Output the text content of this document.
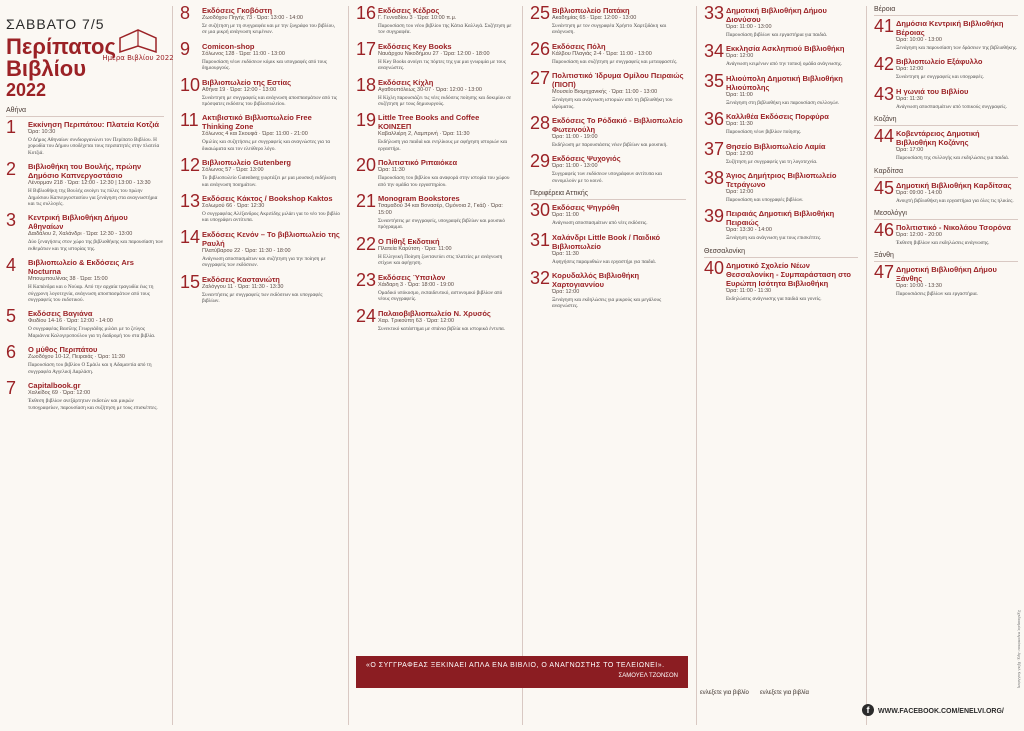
ΣΑΒΒΑΤΟ 7/5
Περίπατος Βιβλίου
2022
Ημέρα Βιβλίου 2022
Αθήνα
1 Εκκίνηση Περιπάτου: Πλατεία Κοτζιά
Ώρα: 10:30
Ο Δήμος Αθηναίων συνδιοργανώνει τον Περίπατο Βιβλίου. Η χορωδία του Δήμου υποδέχεται τους περιπατητές στην πλατεία Κοτζιά.
2 Βιβλιοθήκη του Βουλής, πρώην Δημόσιο Καπνεργοστάσιο
Λένορμαν 218 · Ώρα: 12:00 - 12:30 | 13:00 - 13:30
Η Βιβλιοθήκη της Βουλής ανοίγει τις πύλες του πρώην Δημόσιου Καπνεργοστασίου για ξενάγηση στα αναγνωστήρια και τις συλλογές.
3 Κεντρική Βιβλιοθήκη Δήμου Αθηναίων
Δαιδάλου 2, Χαλάνδρι · Ώρα: 12:30 - 13:00
Δύο ξεναγήσεις στον χώρο της βιβλιοθήκης και παρουσίαση των εκθεμάτων και της ιστορίας της.
4 Βιβλιοπωλείο & Εκδόσεις Ars Nocturna
Μπουμπουλίνας 38 · Ώρα: 15:00
Η Καπάνδρα και ο Νούαρ. Από την αρχαία τραγωδία έως τη σύγχρονη λογοτεχνία, ανάγνωση αποσπασμάτων από τους συγγραφείς του εκδοτικού.
5 Εκδόσεις Βαγιάνα
Φειδίου 14-16 · Ώρα: 12:00 - 14:00
Ο συγγραφέας Βασίλης Γεωργιάδης μιλάει με το ζεύγος Μαριάννα Καλογεροπούλου για τη διαδρομή του στα βιβλία.
6 Ο μύθος Περιπάτου
Ζωοδόχου 10-12, Πειραιάς · Ώρα: 11:30
Παρουσίαση του βιβλίου Ο Σμάιλι και η Αδαμαντία από τη συγγραφέα Αγγελική Δαρλάση.
7 Capitalbook.gr
Χαλκίδος 69 · Ώρα: 12:00
Έκθεση βιβλίων ανεξάρτητων εκδοτών και μικρών τυπογραφείων, παρουσίαση και συζήτηση με τους επισκέπτες.
8 Εκδόσεις Γκοβόστη
Ζωοδόχου Πηγής 73 · Ώρα: 13:00 - 14:00
Σε συζήτηση με τη συγγραφέα και με την ζωγράφο του βιβλίου, σε μια μικρή ανάγνωση κειμένων.
9 Comicon-shop
Σόλωνος 128 · Ώρα: 11:00 - 13:00
Παρουσίαση νέων εκδόσεων κόμικ και υπογραφές από τους δημιουργούς.
10 Βιβλιοπωλείο της Εστίας
Αθήνα 19 · Ώρα: 12:00 - 13:00
Συνάντηση με συγγραφείς και ανάγνωση αποσπασμάτων από τις πρόσφατες εκδόσεις του βιβλιοπωλείου.
11 Ακτιβιστικό Βιβλιοπωλείο Free Thinking Zone
Σόλωνος 4 και Σκουφά · Ώρα: 11:00 - 21:00
Ομιλίες και συζητήσεις με συγγραφείς και αναγνώστες για τα δικαιώματα και τον ελεύθερο λόγο.
12 Βιβλιοπωλείο Gutenberg
Σόλωνος 57 · Ώρα: 13:00
Το βιβλιοπωλείο Gutenberg γιορτάζει με μια μουσική εκδήλωση και ανάγνωση ποιημάτων.
13 Εκδόσεις Κάκτος / Bookshop Kaktos
Σολωμού 66 · Ώρα: 12:30
Ο συγγραφέας Αλέξανδρος Ακριτίδης μιλάει για το νέο του βιβλίο και υπογράφει αντίτυπα.
14 Εκδόσεις Κενόν – Το βιβλιοπωλείο της Ραυλή
Πλατύβαρου 22 · Ώρα: 11:30 - 18:00
Ανάγνωση αποσπασμάτων και συζήτηση για την ποίηση με συγγραφείς των εκδόσεων.
15 Εκδόσεις Καστανιώτη
Ζαλόγγου 11 · Ώρα: 11:30 - 13:30
Συναντήσεις με συγγραφείς των εκδόσεων και υπογραφές βιβλίων.
16 Εκδόσεις Κέδρος
Γ. Γενναδίου 3 · Ώρα: 10:00 π.μ.
Παρουσίαση του νέου βιβλίου της Κάτια Καλλιγά. Συζήτηση με τον συγγραφέα.
17 Εκδόσεις Key Books
Ναυάρχου Νικοδήμου 27 · Ώρα: 12:00 - 18:00
Η Key Books ανοίγει τις πόρτες της για μια γνωριμία με τους αναγνώστες.
18 Εκδόσεις Κίχλη
Αγαθουπόλεως 30-07 · Ώρα: 12:00 - 13:00
Η Κίχλη παρουσιάζει τις νέες εκδόσεις ποίησης και δοκιμίου σε συζήτηση με τους δημιουργούς.
19 Little Tree Books and Coffee ΚΟΙΝΣΕΠ
Καβαλλιέρη 2, Λαμπρινή · Ώρα: 11:30
Εκδήλωση για παιδιά και ενηλίκους με αφήγηση ιστοριών και εργαστήρι.
20 Πολιτιστικό Ριπαιόκεα
Ώρα: 11:30
Παρουσίαση του βιβλίου και αναφορά στην ιστορία του χώρου από την ομάδα του εργαστηρίου.
21 Monogram Bookstores
Τσαμαδού 34 και Βονασέρ, Ομόνοια 2, Γκάζι · Ώρα: 15:00
Συναντήσεις με συγγραφείς, υπογραφές βιβλίων και μουσικό πρόγραμμα.
22 Ο Πίθηξ Εκδοτική
Πλατεία Καρύτση · Ώρα: 11:00
Η Ελληνική Ποίηση ζωντανεύει στις πλατείες με ανάγνωση στίχων και αφήγηση.
23 Εκδόσεις Ύπσιλον
Χάιδαρη 3 · Ώρα: 18:00 - 19:00
Ομαδικό υπόκοσμο, εκπαιδευτικό, αστυνομικό βιβλίων από νέους συγγραφείς.
24 Παλαιοβιβλιοπωλείο Ν. Χρυσός
Χαρ. Τρικούπη 63 · Ώρα: 12:00
Συνεκτικό κατάστημα με σπάνια βιβλία και ιστορικά έντυπα.
25 Βιβλιοπωλείο Πατάκη
Ακαδημίας 65 · Ώρα: 12:00 - 13:00
Συνάντηση με τον συγγραφέα Χρήστο Χαρτζιδάκη και ανάγνωση.
26 Εκδόσεις Πόλη
Κάλβου Πλαγιάς 2-4 · Ώρα: 11:00 - 13:00
Παρουσίαση και συζήτηση με συγγραφείς και μεταφραστές.
27 Πολιτιστικό Ίδρυμα Ομίλου Πειραιώς (ΠΙΟΠ)
Μουσείο Βιομηχανικής · Ώρα: 11:00 - 13:00
Ξενάγηση και ανάγνωση ιστοριών από τη βιβλιοθήκη του ιδρύματος.
28 Εκδόσεις Το Ρόδακιό - Βιβλιοπωλείο Φωτεινούλη
Ώρα: 11:00 - 19:00
Εκδήλωση με παρουσιάσεις νέων βιβλίων και μουσική.
29 Εκδόσεις Ψυχογιός
Ώρα: 11:00 - 13:00
Συγγραφείς των εκδόσεων υπογράφουν αντίτυπα και συνομιλούν με το κοινό.
Περιφέρεια Αττικής
30 Εκδόσεις Ψηγρόθη
Ώρα: 11:00
Ανάγνωση αποσπασμάτων από νέες εκδόσεις.
31 Χαλάνδρι Little Book / Παιδικό Βιβλιοπωλείο
Ώρα: 11:30
Αφηγήσεις παραμυθιών και εργαστήρι για παιδιά.
32 Κορυδαλλός Βιβλιοθήκη Χαρτογιαννίου
Ώρα: 12:00
Ξενάγηση και εκδηλώσεις για μικρούς και μεγάλους αναγνώστες.
33 Δημοτική Βιβλιοθήκη Δήμου Διονύσου
Ώρα: 11:00 - 13:00
Παρουσίαση βιβλίων και εργαστήρια για παιδιά.
34 Εκκλησία Ασκληπιού Βιβλιοθήκη
Ώρα: 12:00
Ανάγνωση κειμένων από την τοπική ομάδα ανάγνωσης.
35 Ηλιούπολη Δημοτική Βιβλιοθήκη Ηλιούπολης
Ώρα: 11:00
Ξενάγηση στη βιβλιοθήκη και παρουσίαση συλλογών.
36 Καλλιθέα Εκδόσεις Πορφύρα
Ώρα: 11:30
Παρουσίαση νέων βιβλίων ποίησης.
37 Θησείο Βιβλιοπωλείο Λαμία
Ώρα: 12:00
Συζήτηση με συγγραφείς για τη λογοτεχνία.
38 Άγιος Δημήτριος Βιβλιοπωλείο Τετράγωνο
Ώρα: 12:00
Παρουσίαση και υπογραφές βιβλίων.
39 Πειραιάς Δημοτική Βιβλιοθήκη Πειραιώς
Ώρα: 13:30 - 14:00
Ξενάγηση και ανάγνωση για τους επισκέπτες.
Θεσσαλονίκη
40 Δημοτικό Σχολείο Νέων Θεσσαλονίκη - Συμπαράσταση στο Ευρώπη Ισότητα Βιβλιοθήκη
Ώρα: 11:00 - 11:30
Εκδηλώσεις ανάγνωσης για παιδιά και γονείς.
Βέροια
41 Δημόσια Κεντρική Βιβλιοθήκη Βέροιας
Ώρα: 10:00 - 13:00
Ξενάγηση και παρουσίαση των δράσεων της βιβλιοθήκης.
42 Βιβλιοπωλείο Εξάφυλλο
Ώρα: 12:00
Συνάντηση με συγγραφείς και υπογραφές.
43 Η γωνιά του Βιβλίου
Ώρα: 11:30
Ανάγνωση αποσπασμάτων από τοπικούς συγγραφείς.
Κοζάνη
44 Κοβεντάρειος Δημοτική Βιβλιοθήκη Κοζάνης
Ώρα: 17:00
Παρουσίαση της συλλογής και εκδηλώσεις για παιδιά.
Καρδίτσα
45 Δημοτική Βιβλιοθήκη Καρδίτσας
Ώρα: 09:00 - 14:00
Ανοιχτή βιβλιοθήκη και εργαστήρια για όλες τις ηλικίες.
Μεσολόγγι
46 Πολιτιστικό - Νικολάου Τσορόνα
Ώρα: 12:00 - 20:00
Έκθεση βιβλίων και εκδηλώσεις ανάγνωσης.
Ξάνθη
47 Δημοτική Βιβλιοθήκη Δήμου Ξάνθης
Ώρα: 10:00 - 13:30
Παρουσιάσεις βιβλίων και εργαστήρια.
«Ο ΣΥΓΓΡΑΦΕΑΣ ΞΕΚΙΝΑΕΙ ΑΠΛΑ ΕΝΑ ΒΙΒΛΙΟ, Ο ΑΝΑΓΝΩΣΤΗΣ ΤΟ ΤΕΛΕΙΩΝΕΙ».
ΣΑΜΟΥΕΛ ΤΖΟΝΣΟΝ
ενλεξετε για βιβλίο ενλεξετε για βιβλία
f WWW.FACEBOOK.COM/ENELVI.ORG/
Σχεδιασμός περιπάτου: Αρχ. Εβελ Καλλιάνη
